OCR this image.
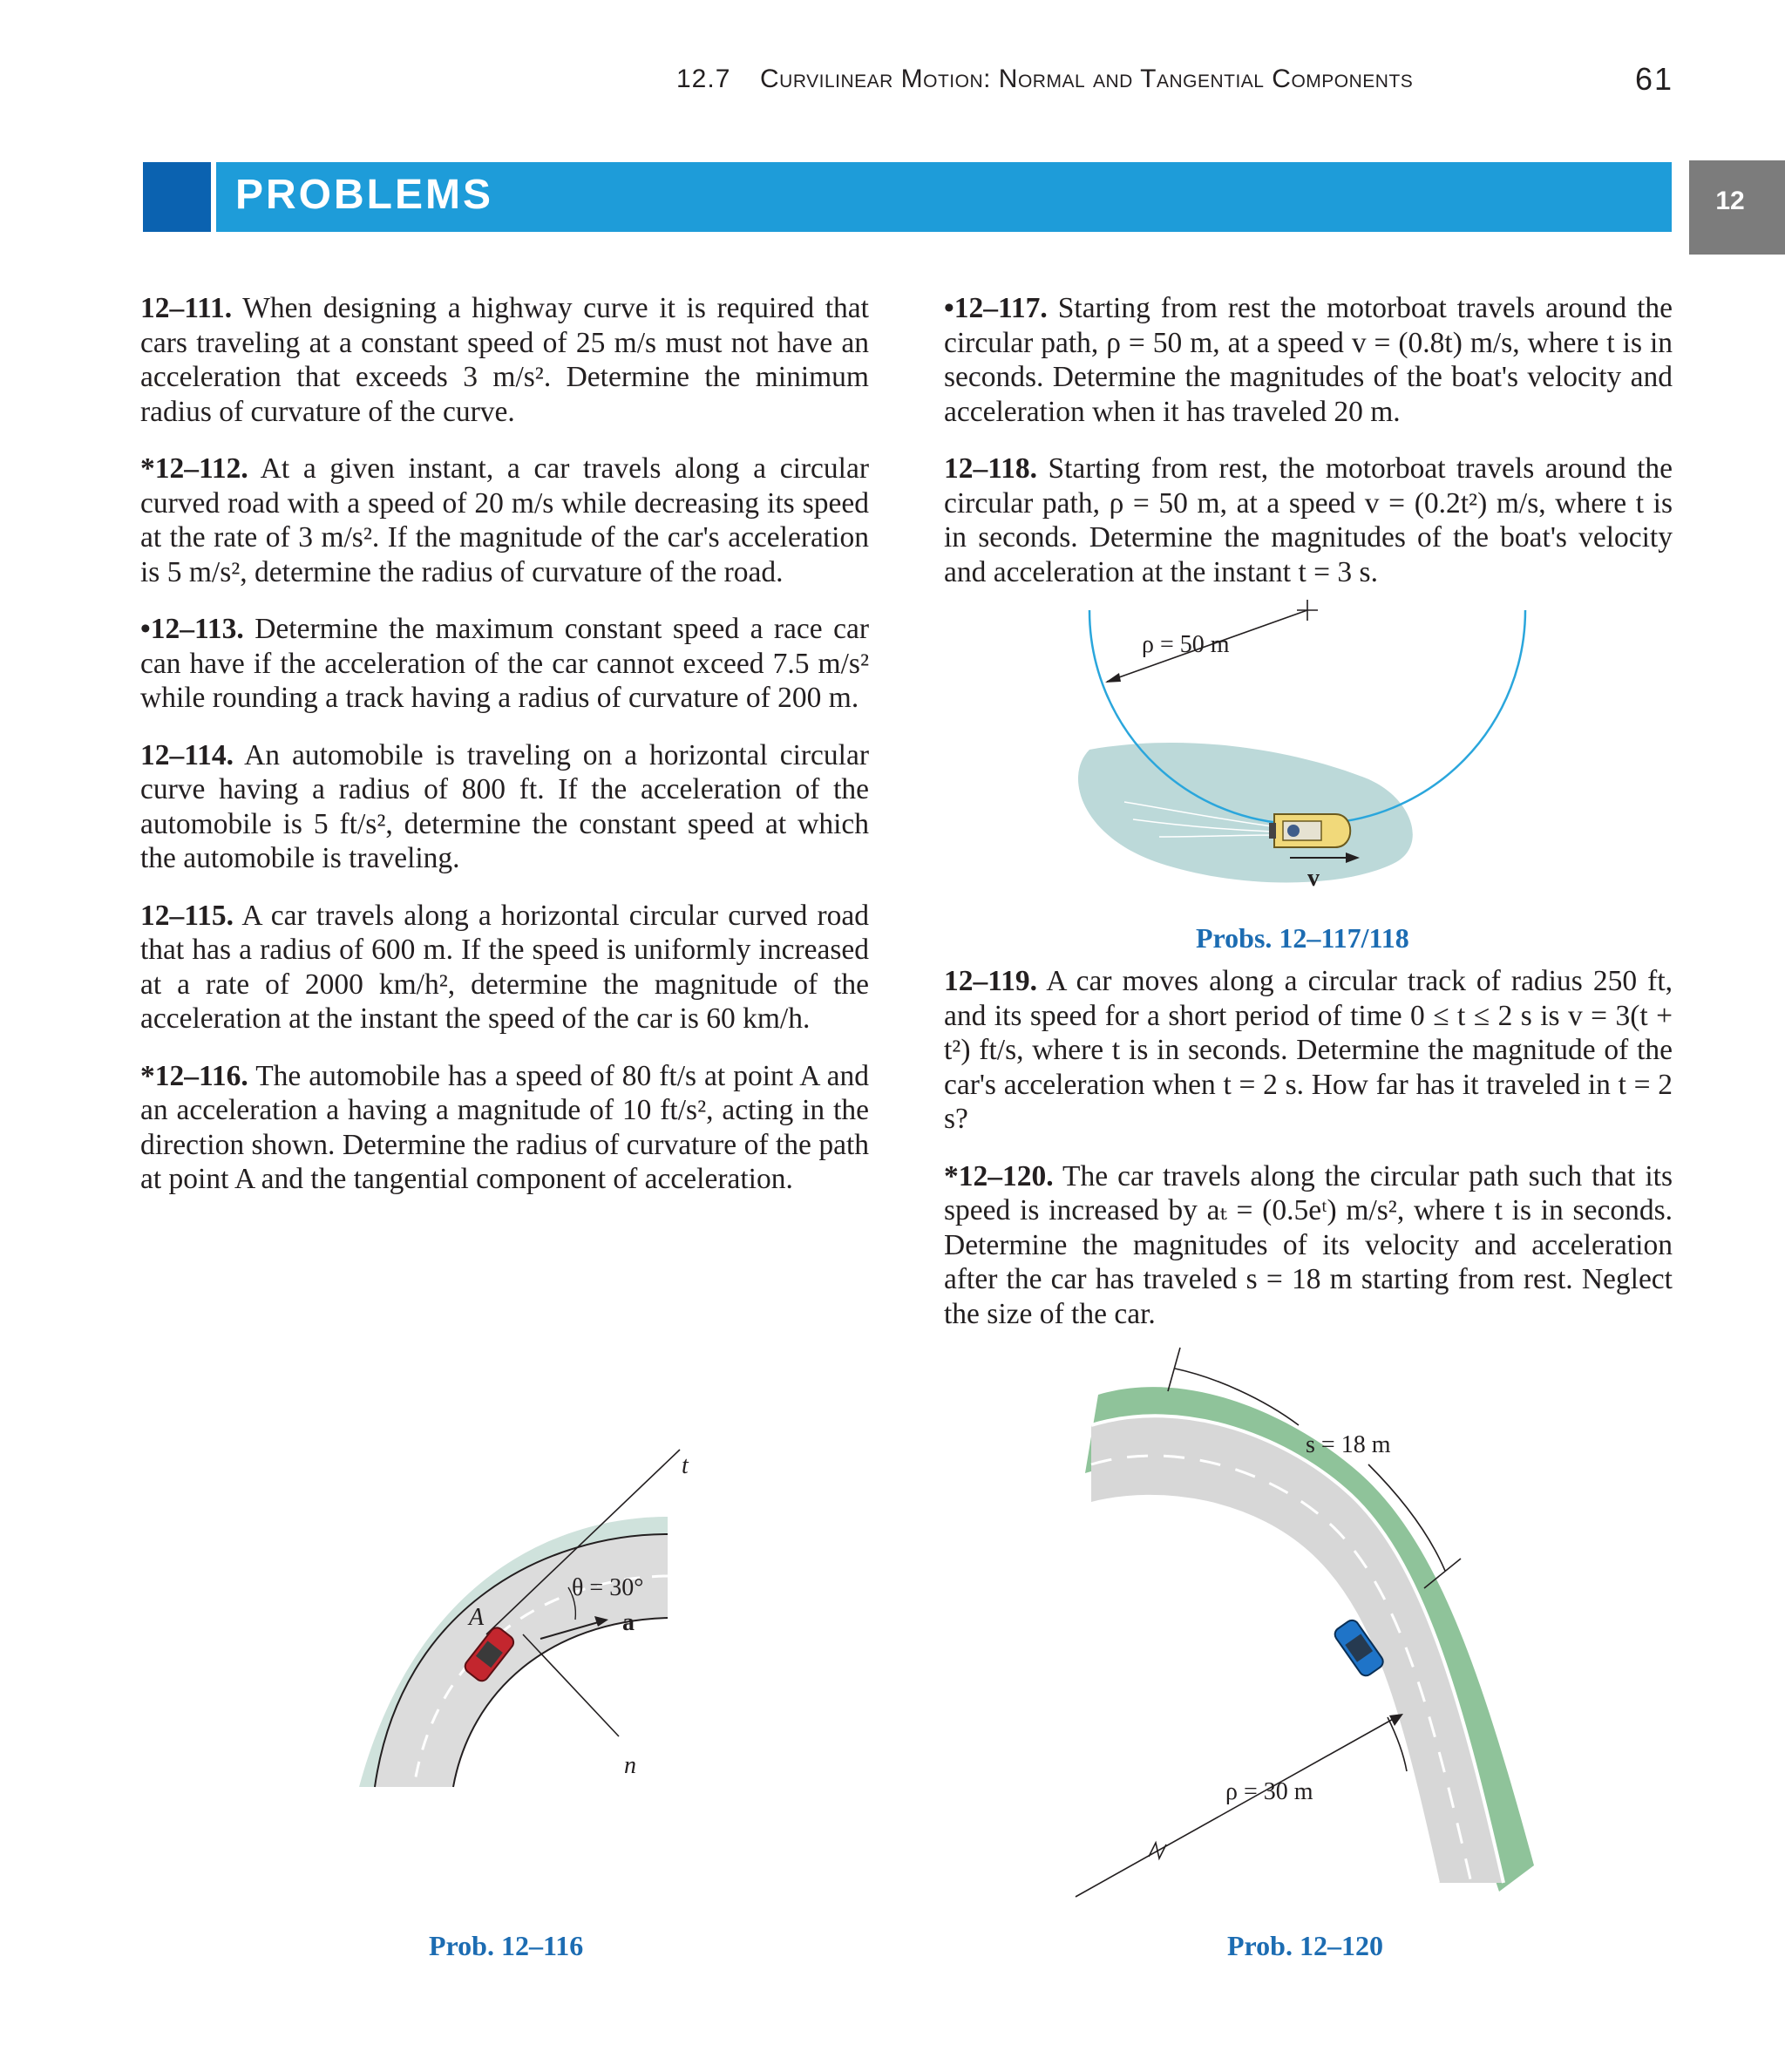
12.7 Curvilinear Motion: Normal and Tangential Components	61
PROBLEMS	12

12–111. When designing a highway curve it is required that cars traveling at a constant speed of 25 m/s must not have an acceleration that exceeds 3 m/s². Determine the minimum radius of curvature of the curve.

*12–112. At a given instant, a car travels along a circular curved road with a speed of 20 m/s while decreasing its speed at the rate of 3 m/s². If the magnitude of the car's acceleration is 5 m/s², determine the radius of curvature of the road.

•12–113. Determine the maximum constant speed a race car can have if the acceleration of the car cannot exceed 7.5 m/s² while rounding a track having a radius of curvature of 200 m.

12–114. An automobile is traveling on a horizontal circular curve having a radius of 800 ft. If the acceleration of the automobile is 5 ft/s², determine the constant speed at which the automobile is traveling.

12–115. A car travels along a horizontal circular curved road that has a radius of 600 m. If the speed is uniformly increased at a rate of 2000 km/h², determine the magnitude of the acceleration at the instant the speed of the car is 60 km/h.

*12–116. The automobile has a speed of 80 ft/s at point A and an acceleration a having a magnitude of 10 ft/s², acting in the direction shown. Determine the radius of curvature of the path at point A and the tangential component of acceleration.

•12–117. Starting from rest the motorboat travels around the circular path, ρ = 50 m, at a speed v = (0.8t) m/s, where t is in seconds. Determine the magnitudes of the boat's velocity and acceleration when it has traveled 20 m.

12–118. Starting from rest, the motorboat travels around the circular path, ρ = 50 m, at a speed v = (0.2t²) m/s, where t is in seconds. Determine the magnitudes of the boat's velocity and acceleration at the instant t = 3 s.

ρ = 50 m
v
Probs. 12–117/118

12–119. A car moves along a circular track of radius 250 ft, and its speed for a short period of time 0 ≤ t ≤ 2 s is v = 3(t + t²) ft/s, where t is in seconds. Determine the magnitude of the car's acceleration when t = 2 s. How far has it traveled in t = 2 s?

*12–120. The car travels along the circular path such that its speed is increased by aₜ = (0.5eᵗ) m/s², where t is in seconds. Determine the magnitudes of its velocity and acceleration after the car has traveled s = 18 m starting from rest. Neglect the size of the car.

t
n
θ = 30°
a
A
Prob. 12–116
s = 18 m
ρ = 30 m
Prob. 12–120
